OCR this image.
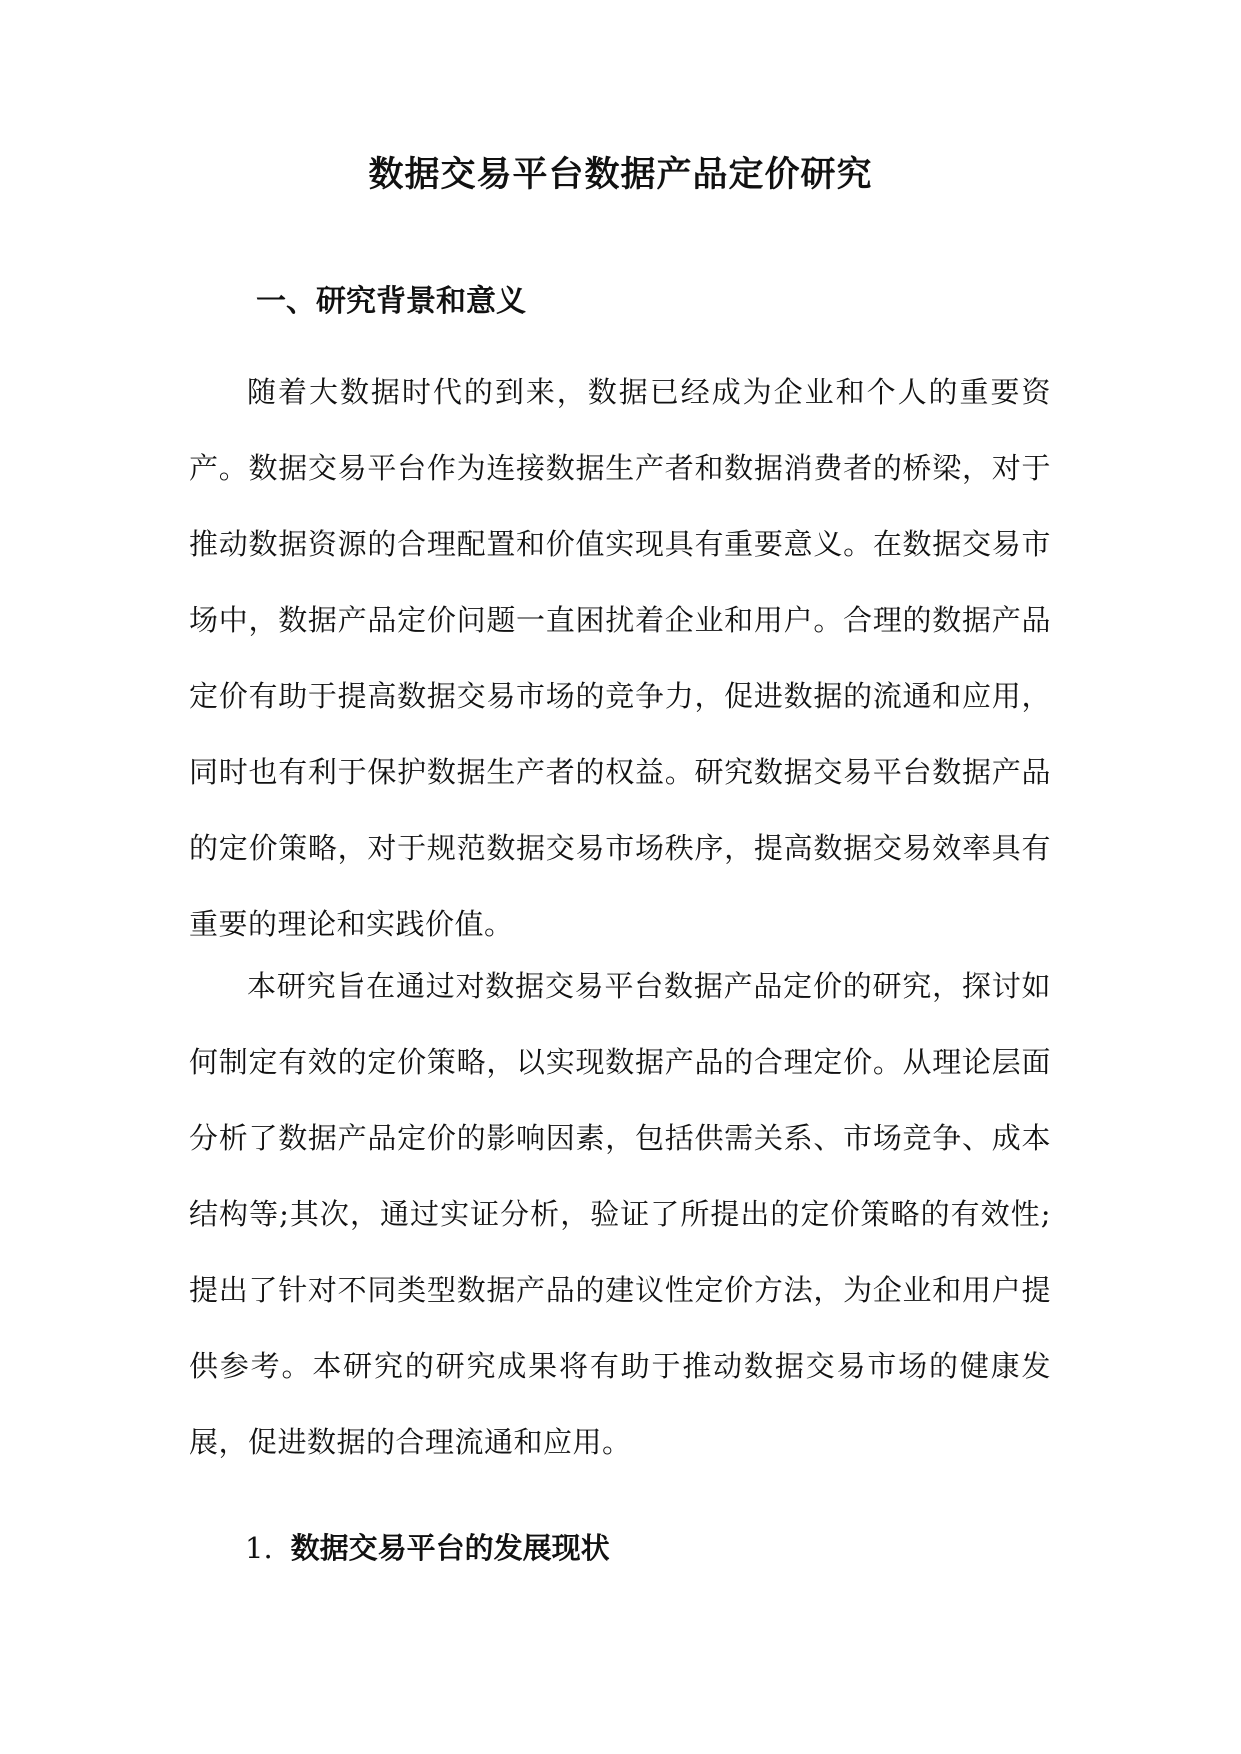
数据交易平台数据产品定价研究
一、研究背景和意义

随着大数据时代的到来，数据已经成为企业和个人的重要资产。数据交易平台作为连接数据生产者和数据消费者的桥梁，对于推动数据资源的合理配置和价值实现具有重要意义。在数据交易市场中，数据产品定价问题一直困扰着企业和用户。合理的数据产品定价有助于提高数据交易市场的竞争力，促进数据的流通和应用，同时也有利于保护数据生产者的权益。研究数据交易平台数据产品的定价策略，对于规范数据交易市场秩序，提高数据交易效率具有重要的理论和实践价值。

本研究旨在通过对数据交易平台数据产品定价的研究，探讨如何制定有效的定价策略，以实现数据产品的合理定价。从理论层面分析了数据产品定价的影响因素，包括供需关系、市场竞争、成本结构等;其次，通过实证分析，验证了所提出的定价策略的有效性;提出了针对不同类型数据产品的建议性定价方法，为企业和用户提供参考。本研究的研究成果将有助于推动数据交易市场的健康发展，促进数据的合理流通和应用。

1. 数据交易平台的发展现状
